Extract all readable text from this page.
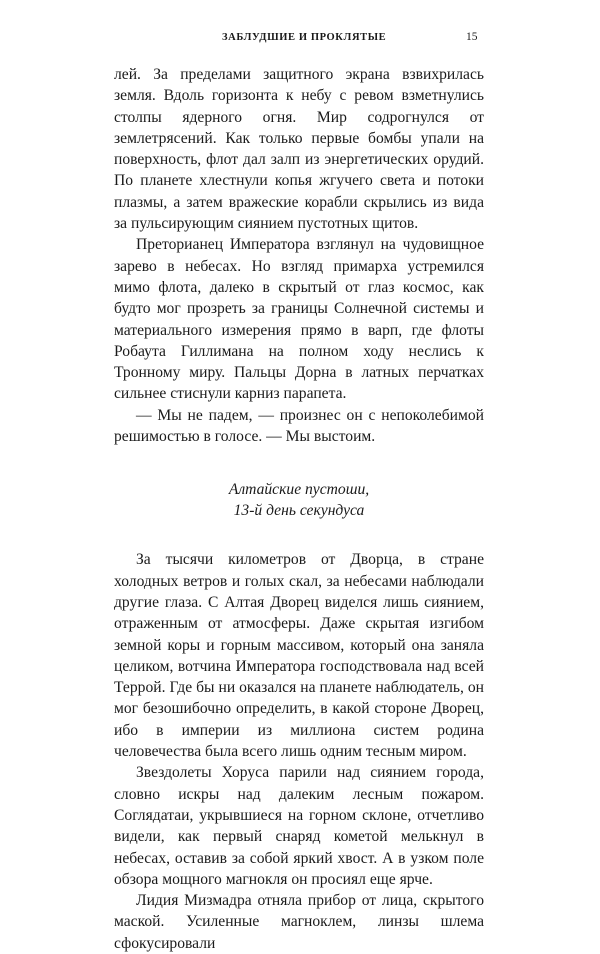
ЗАБЛУДШИЕ И ПРОКЛЯТЫЕ	15

лей. За пределами защитного экрана взвихрилась земля. Вдоль горизонта к небу с ревом взметнулись столпы ядерного огня. Мир содрогнулся от землетрясений. Как только первые бомбы упали на поверхность, флот дал залп из энергетических орудий. По планете хлестнули копья жгучего света и потоки плазмы, а затем вражеские корабли скрылись из вида за пульсирующим сиянием пустотных щитов.

Преторианец Императора взглянул на чудовищное зарево в небесах. Но взгляд примарха устремился мимо флота, далеко в скрытый от глаз космос, как будто мог прозреть за границы Солнечной системы и материального измерения прямо в варп, где флоты Робаута Гиллимана на полном ходу неслись к Тронному миру. Пальцы Дорна в латных перчатках сильнее стиснули карниз парапета.

— Мы не падем, — произнес он с непоколебимой решимостью в голосе. — Мы выстоим.

Алтайские пустоши,
13-й день секундуса

За тысячи километров от Дворца, в стране холодных ветров и голых скал, за небесами наблюдали другие глаза. С Алтая Дворец виделся лишь сиянием, отраженным от атмосферы. Даже скрытая изгибом земной коры и горным массивом, который она заняла целиком, вотчина Императора господствовала над всей Террой. Где бы ни оказался на планете наблюдатель, он мог безошибочно определить, в какой стороне Дворец, ибо в империи из миллиона систем родина человечества была всего лишь одним тесным миром.

Звездолеты Хоруса парили над сиянием города, словно искры над далеким лесным пожаром. Соглядатаи, укрывшиеся на горном склоне, отчетливо видели, как первый снаряд кометой мелькнул в небесах, оставив за собой яркий хвост. А в узком поле обзора мощного магнокля он просиял еще ярче.

Лидия Мизмадра отняла прибор от лица, скрытого маской. Усиленные магноклем, линзы шлема сфокусировали
